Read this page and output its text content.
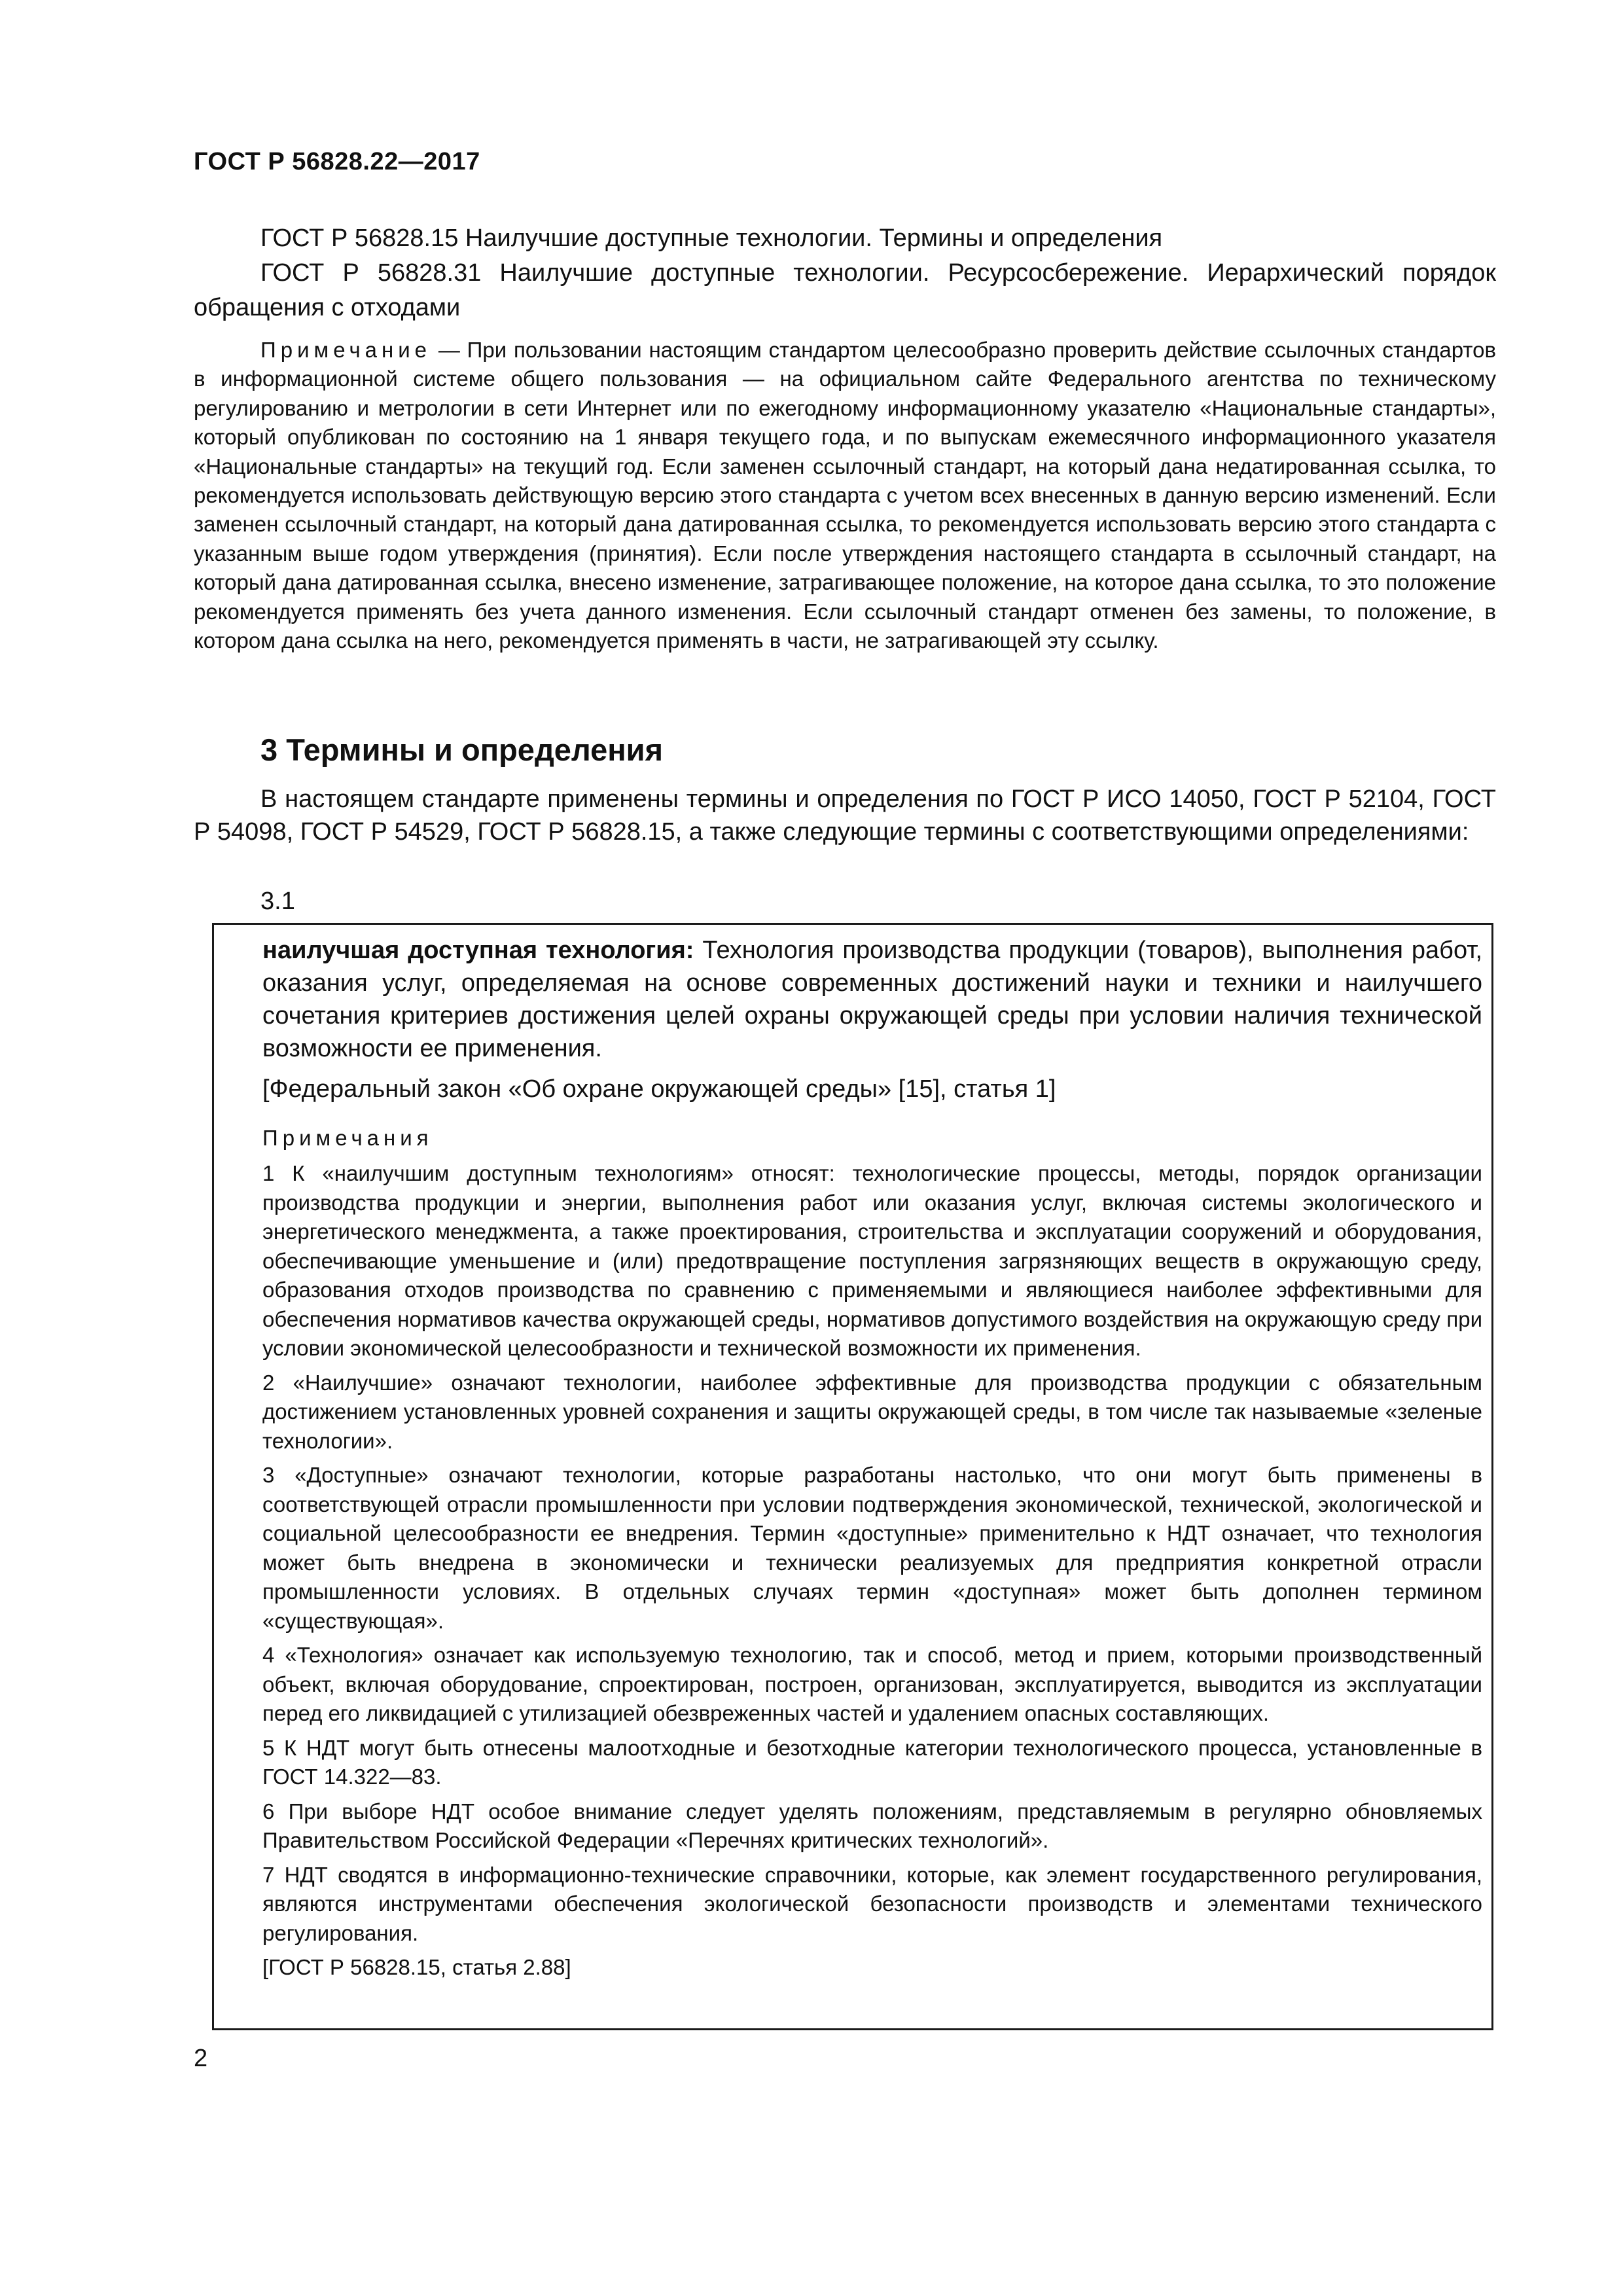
ГОСТ Р 56828.22—2017

ГОСТ Р 56828.15 Наилучшие доступные технологии. Термины и определения

ГОСТ Р 56828.31 Наилучшие доступные технологии. Ресурсосбережение. Иерархический порядок обращения с отходами

Примечание — При пользовании настоящим стандартом целесообразно проверить действие ссылочных стандартов в информационной системе общего пользования — на официальном сайте Федерального агентства по техническому регулированию и метрологии в сети Интернет или по ежегодному информационному указателю «Национальные стандарты», который опубликован по состоянию на 1 января текущего года, и по выпускам ежемесячного информационного указателя «Национальные стандарты» на текущий год. Если заменен ссылочный стандарт, на который дана недатированная ссылка, то рекомендуется использовать действующую версию этого стандарта с учетом всех внесенных в данную версию изменений. Если заменен ссылочный стандарт, на который дана датированная ссылка, то рекомендуется использовать версию этого стандарта с указанным выше годом утверждения (принятия). Если после утверждения настоящего стандарта в ссылочный стандарт, на который дана датированная ссылка, внесено изменение, затрагивающее положение, на которое дана ссылка, то это положение рекомендуется применять без учета данного изменения. Если ссылочный стандарт отменен без замены, то положение, в котором дана ссылка на него, рекомендуется применять в части, не затрагивающей эту ссылку.

3 Термины и определения

В настоящем стандарте применены термины и определения по ГОСТ Р ИСО 14050, ГОСТ Р 52104, ГОСТ Р 54098, ГОСТ Р 54529, ГОСТ Р 56828.15, а также следующие термины с соответствующими определениями:

3.1

наилучшая доступная технология: Технология производства продукции (товаров), выполнения работ, оказания услуг, определяемая на основе современных достижений науки и техники и наилучшего сочетания критериев достижения целей охраны окружающей среды при условии наличия технической возможности ее применения.

[Федеральный закон «Об охране окружающей среды» [15], статья 1]

Примечания

1 К «наилучшим доступным технологиям» относят: технологические процессы, методы, порядок организации производства продукции и энергии, выполнения работ или оказания услуг, включая системы экологического и энергетического менеджмента, а также проектирования, строительства и эксплуатации сооружений и оборудования, обеспечивающие уменьшение и (или) предотвращение поступления загрязняющих веществ в окружающую среду, образования отходов производства по сравнению с применяемыми и являющиеся наиболее эффективными для обеспечения нормативов качества окружающей среды, нормативов допустимого воздействия на окружающую среду при условии экономической целесообразности и технической возможности их применения.

2 «Наилучшие» означают технологии, наиболее эффективные для производства продукции с обязательным достижением установленных уровней сохранения и защиты окружающей среды, в том числе так называемые «зеленые технологии».

3 «Доступные» означают технологии, которые разработаны настолько, что они могут быть применены в соответствующей отрасли промышленности при условии подтверждения экономической, технической, экологической и социальной целесообразности ее внедрения. Термин «доступные» применительно к НДТ означает, что технология может быть внедрена в экономически и технически реализуемых для предприятия конкретной отрасли промышленности условиях. В отдельных случаях термин «доступная» может быть дополнен термином «существующая».

4 «Технология» означает как используемую технологию, так и способ, метод и прием, которыми производственный объект, включая оборудование, спроектирован, построен, организован, эксплуатируется, выводится из эксплуатации перед его ликвидацией с утилизацией обезвреженных частей и удалением опасных составляющих.

5 К НДТ могут быть отнесены малоотходные и безотходные категории технологического процесса, установленные в ГОСТ 14.322—83.

6 При выборе НДТ особое внимание следует уделять положениям, представляемым в регулярно обновляемых Правительством Российской Федерации «Перечнях критических технологий».

7 НДТ сводятся в информационно-технические справочники, которые, как элемент государственного регулирования, являются инструментами обеспечения экологической безопасности производств и элементами технического регулирования.

[ГОСТ Р 56828.15, статья 2.88]

2
